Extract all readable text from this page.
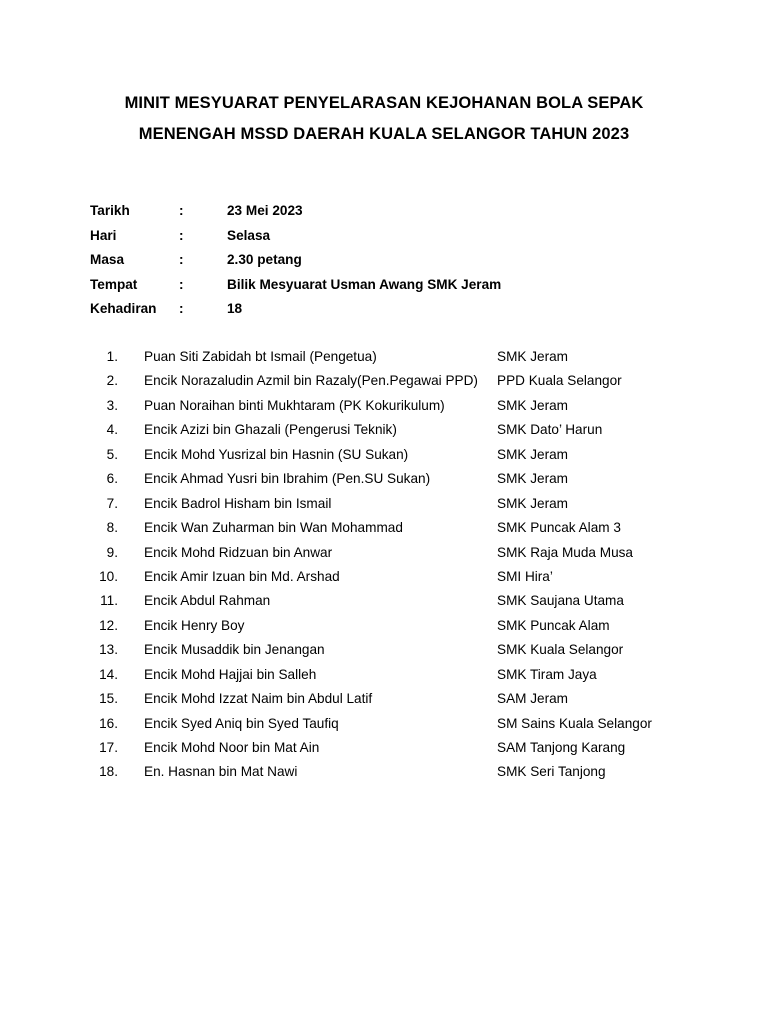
MINIT MESYUARAT PENYELARASAN KEJOHANAN BOLA SEPAK
MENENGAH MSSD DAERAH KUALA SELANGOR TAHUN 2023
Tarikh	:	23 Mei 2023
Hari	:	Selasa
Masa	:	2.30 petang
Tempat	:	Bilik Mesyuarat Usman Awang SMK Jeram
Kehadiran :	18
1. Puan Siti Zabidah bt Ismail (Pengetua)	SMK Jeram
2. Encik Norazaludin Azmil bin Razaly(Pen.Pegawai PPD) PPD Kuala Selangor
3. Puan Noraihan binti Mukhtaram (PK Kokurikulum)	SMK Jeram
4. Encik Azizi bin Ghazali (Pengerusi Teknik)	SMK Dato’ Harun
5. Encik Mohd Yusrizal bin Hasnin (SU Sukan)	SMK Jeram
6. Encik Ahmad Yusri bin Ibrahim (Pen.SU Sukan)	SMK Jeram
7. Encik Badrol Hisham bin Ismail	SMK Jeram
8. Encik Wan Zuharman bin Wan Mohammad	SMK Puncak Alam 3
9. Encik Mohd Ridzuan bin Anwar	SMK Raja Muda Musa
10. Encik Amir Izuan bin Md. Arshad	SMI Hira’
11. Encik Abdul Rahman	SMK Saujana Utama
12. Encik Henry Boy	SMK Puncak Alam
13. Encik Musaddik bin Jenangan	SMK Kuala Selangor
14. Encik Mohd Hajjai bin Salleh	SMK Tiram Jaya
15. Encik Mohd Izzat Naim bin Abdul Latif	SAM Jeram
16. Encik Syed Aniq bin Syed Taufiq	SM Sains Kuala Selangor
17. Encik Mohd Noor bin Mat Ain	SAM Tanjong Karang
18. En. Hasnan bin Mat Nawi	SMK Seri Tanjong
